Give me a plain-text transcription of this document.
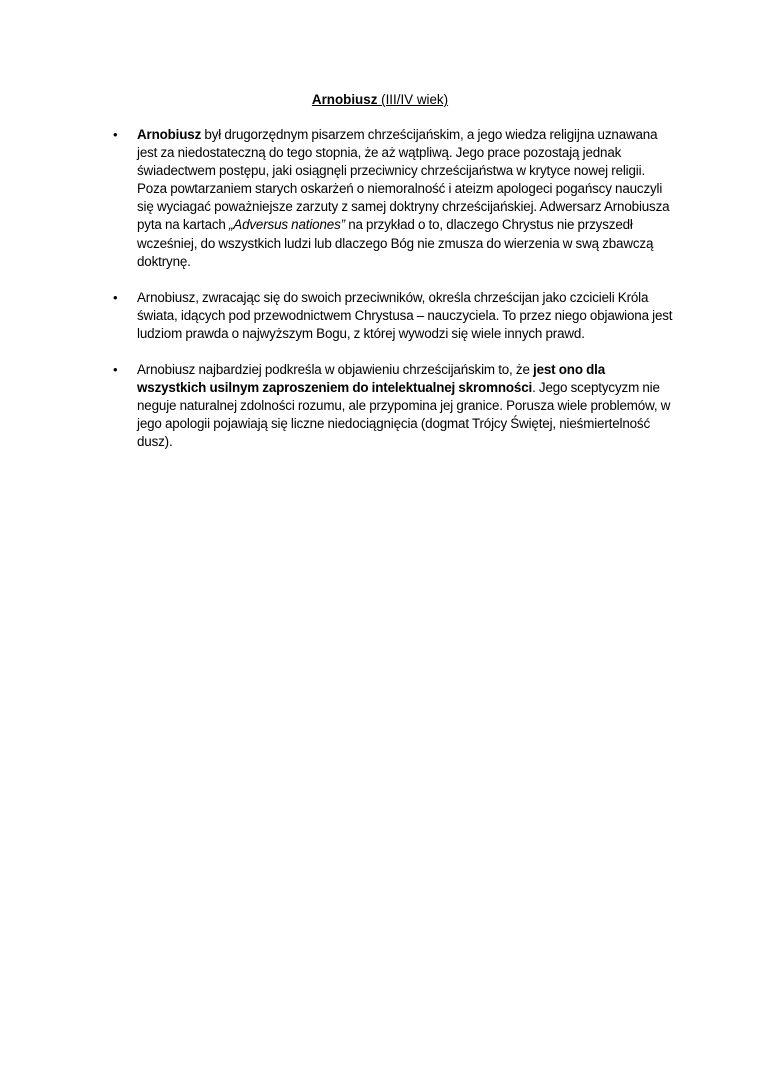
Arnobiusz (III/IV wiek)
•	Arnobiusz był drugorzędnym pisarzem chrześcijańskim, a jego wiedza religijna uznawana jest za niedostateczną do tego stopnia, że aż wątpliwą. Jego prace pozostają jednak świadectwem postępu, jaki osiągnęli przeciwnicy chrześcijaństwa w krytyce nowej religii. Poza powtarzaniem starych oskarżeń o niemoralność i ateizm apologeci pogańscy nauczyli się wyciagać poważniejsze zarzuty z samej doktryny chrześcijańskiej. Adwersarz Arnobiusza pyta na kartach „Adversus nationes” na przykład o to, dlaczego Chrystus nie przyszedł wcześniej, do wszystkich ludzi lub dlaczego Bóg nie zmusza do wierzenia w swą zbawczą doktrynę.
•	Arnobiusz, zwracając się do swoich przeciwników, określa chrześcijan jako czcicieli Króla świata, idących pod przewodnictwem Chrystusa – nauczyciela. To przez niego objawiona jest ludziom prawda o najwyższym Bogu, z której wywodzi się wiele innych prawd.
•	Arnobiusz najbardziej podkreśla w objawieniu chrześcijańskim to, że jest ono dla wszystkich usilnym zaproszeniem do intelektualnej skromności. Jego sceptycyzm nie neguje naturalnej zdolności rozumu, ale przypomina jej granice. Porusza wiele problemów, w jego apologii pojawiają się liczne niedociągnięcia (dogmat Trójcy Świętej, nieśmiertelność dusz).
